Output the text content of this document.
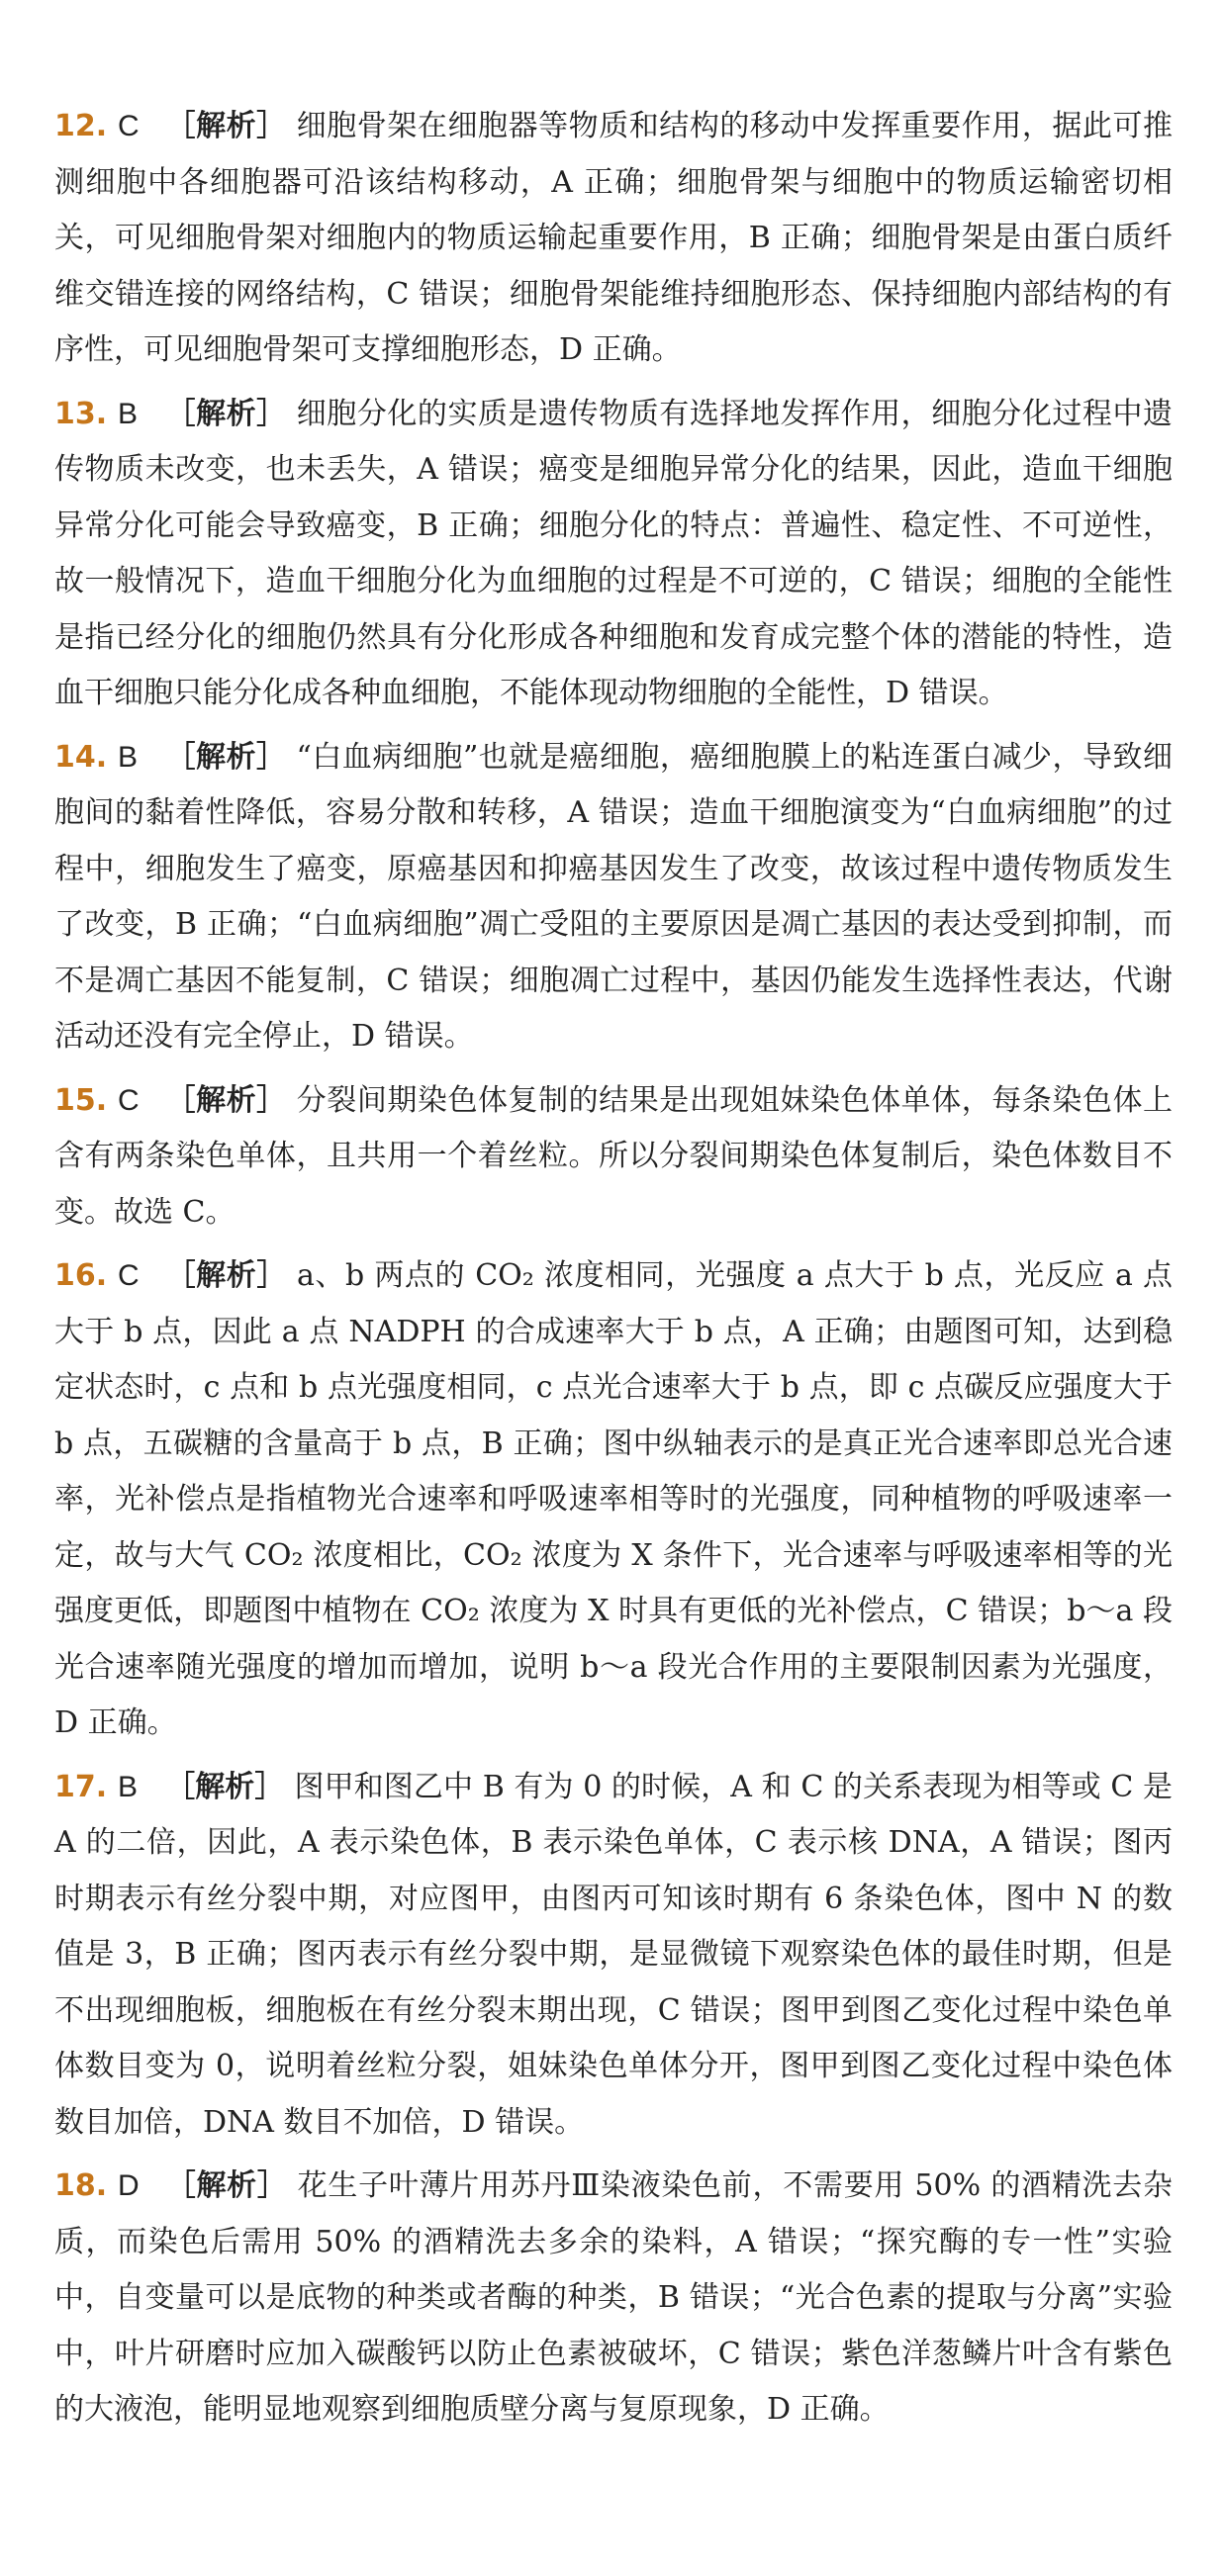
12. C ［解析］ 细胞骨架在细胞器等物质和结构的移动中发挥重要作用，据此可推测细胞中各细胞器可沿该结构移动，A 正确；细胞骨架与细胞中的物质运输密切相关，可见细胞骨架对细胞内的物质运输起重要作用，B 正确；细胞骨架是由蛋白质纤维交错连接的网络结构，C 错误；细胞骨架能维持细胞形态、保持细胞内部结构的有序性，可见细胞骨架可支撑细胞形态，D 正确。

13. B ［解析］ 细胞分化的实质是遗传物质有选择地发挥作用，细胞分化过程中遗传物质未改变，也未丢失，A 错误；癌变是细胞异常分化的结果，因此，造血干细胞异常分化可能会导致癌变，B 正确；细胞分化的特点：普遍性、稳定性、不可逆性，故一般情况下，造血干细胞分化为血细胞的过程是不可逆的，C 错误；细胞的全能性是指已经分化的细胞仍然具有分化形成各种细胞和发育成完整个体的潜能的特性，造血干细胞只能分化成各种血细胞，不能体现动物细胞的全能性，D 错误。

14. B ［解析］ “白血病细胞”也就是癌细胞，癌细胞膜上的粘连蛋白减少，导致细胞间的黏着性降低，容易分散和转移，A 错误；造血干细胞演变为“白血病细胞”的过程中，细胞发生了癌变，原癌基因和抑癌基因发生了改变，故该过程中遗传物质发生了改变，B 正确；“白血病细胞”凋亡受阻的主要原因是凋亡基因的表达受到抑制，而不是凋亡基因不能复制，C 错误；细胞凋亡过程中，基因仍能发生选择性表达，代谢活动还没有完全停止，D 错误。

15. C ［解析］ 分裂间期染色体复制的结果是出现姐妹染色体单体，每条染色体上含有两条染色单体，且共用一个着丝粒。所以分裂间期染色体复制后，染色体数目不变。故选 C。

16. C ［解析］ a、b 两点的 CO₂ 浓度相同，光强度 a 点大于 b 点，光反应 a 点大于 b 点，因此 a 点 NADPH 的合成速率大于 b 点，A 正确；由题图可知，达到稳定状态时，c 点和 b 点光强度相同，c 点光合速率大于 b 点，即 c 点碳反应强度大于 b 点，五碳糖的含量高于 b 点，B 正确；图中纵轴表示的是真正光合速率即总光合速率，光补偿点是指植物光合速率和呼吸速率相等时的光强度，同种植物的呼吸速率一定，故与大气 CO₂ 浓度相比，CO₂ 浓度为 X 条件下，光合速率与呼吸速率相等的光强度更低，即题图中植物在 CO₂ 浓度为 X 时具有更低的光补偿点，C 错误；b～a 段光合速率随光强度的增加而增加，说明 b～a 段光合作用的主要限制因素为光强度，D 正确。

17. B ［解析］ 图甲和图乙中 B 有为 0 的时候，A 和 C 的关系表现为相等或 C 是 A 的二倍，因此，A 表示染色体，B 表示染色单体，C 表示核 DNA，A 错误；图丙时期表示有丝分裂中期，对应图甲，由图丙可知该时期有 6 条染色体，图中 N 的数值是 3，B 正确；图丙表示有丝分裂中期，是显微镜下观察染色体的最佳时期，但是不出现细胞板，细胞板在有丝分裂末期出现，C 错误；图甲到图乙变化过程中染色单体数目变为 0，说明着丝粒分裂，姐妹染色单体分开，图甲到图乙变化过程中染色体数目加倍，DNA 数目不加倍，D 错误。

18. D ［解析］ 花生子叶薄片用苏丹Ⅲ染液染色前，不需要用 50% 的酒精洗去杂质，而染色后需用 50% 的酒精洗去多余的染料，A 错误；“探究酶的专一性”实验中，自变量可以是底物的种类或者酶的种类，B 错误；“光合色素的提取与分离”实验中，叶片研磨时应加入碳酸钙以防止色素被破坏，C 错误；紫色洋葱鳞片叶含有紫色的大液泡，能明显地观察到细胞质壁分离与复原现象，D 正确。
